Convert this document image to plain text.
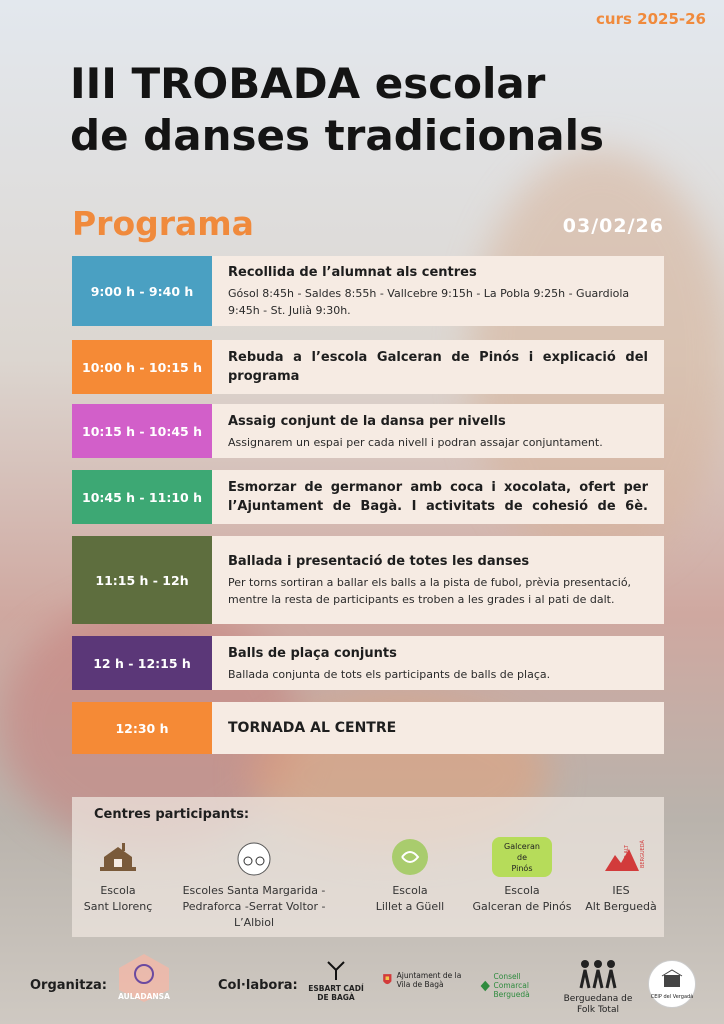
curs 2025-26
III TROBADA escolar
de danses tradicionals
Programa	03/02/26
9:00 h - 9:40 h
Recollida de l’alumnat als centres
Gósol 8:45h - Saldes 8:55h - Vallcebre 9:15h - La Pobla 9:25h - Guardiola 9:45h - St. Julià 9:30h.
10:00 h - 10:15 h
Rebuda a l’escola Galceran de Pinós i explicació del programa
10:15 h - 10:45 h
Assaig conjunt de la dansa per nivells
Assignarem un espai per cada nivell i podran assajar conjuntament.
10:45 h - 11:10 h
Esmorzar de germanor amb coca i xocolata, ofert per l’Ajuntament de Bagà. I activitats de cohesió de 6è.
11:15 h - 12h
Ballada i presentació de totes les danses
Per torns sortiran a ballar els balls a la pista de fubol, prèvia presentació, mentre la resta de participants es troben a les grades i al pati de dalt.
12 h - 12:15 h
Balls de plaça conjunts
Ballada conjunta de tots els participants de balls de plaça.
12:30 h	TORNADA AL CENTRE
Centres participants:
Escola
Sant Llorenç
Escoles Santa Margarida -
Pedraforca -Serrat Voltor - L’Albiol
Escola
Lillet a Güell
Galceran
de
Pinós
Escola
Galceran de Pinós
IES ALT BERGUEDÀ
IES
Alt Berguedà
Organitza:
AULADANSA
Col·labora: ESBART CADÍ DE BAGÀ
Ajuntament de la Vila de Bagà
Consell Comarcal Berguedà	Berguedana de Folk Total
CEIP del Vergadà
